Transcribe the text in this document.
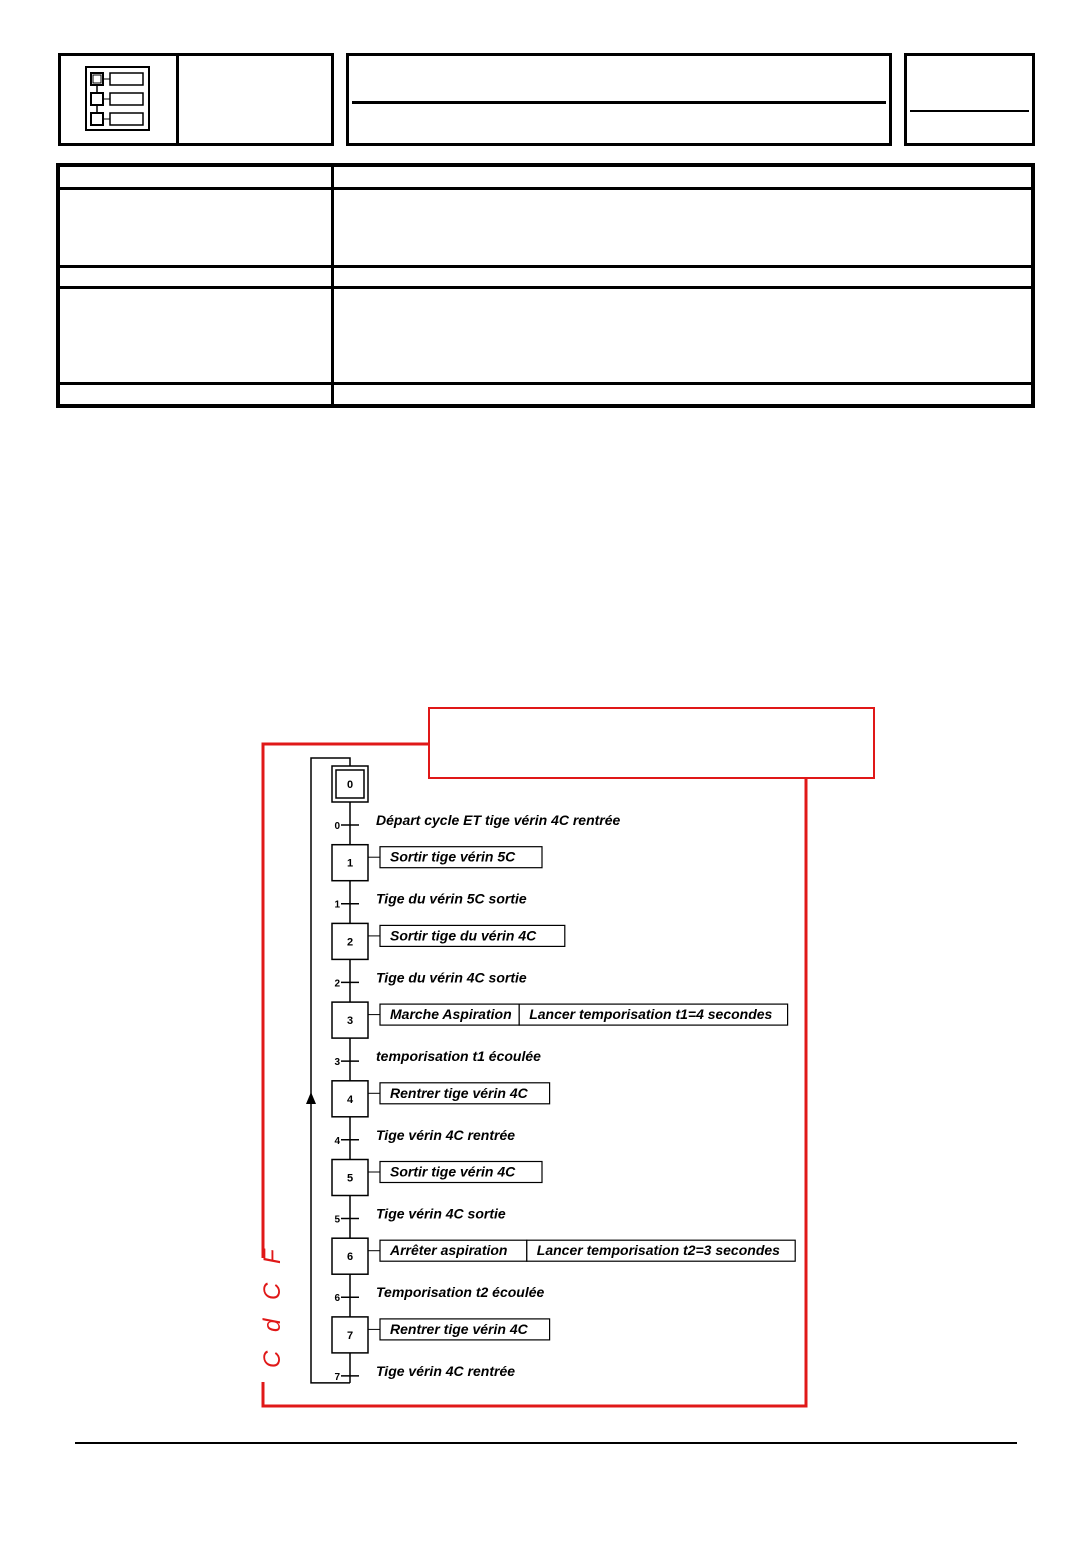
C d C F
0
1	Sortir tige vérin 5C
2	Sortir tige du vérin 4C
3	Marche Aspiration Lancer temporisation t1=4 secondes
4	Rentrer tige vérin 4C
5	Sortir tige vérin 4C
6	Arrêter aspiration Lancer temporisation t2=3 secondes
7	Rentrer tige vérin 4C
0	Départ cycle ET tige vérin 4C rentrée
1	Tige du vérin 5C sortie
2	Tige du vérin 4C sortie
3	temporisation t1 écoulée
4	Tige vérin 4C rentrée
5	Tige vérin 4C sortie
6	Temporisation t2 écoulée
7	Tige vérin 4C rentrée
